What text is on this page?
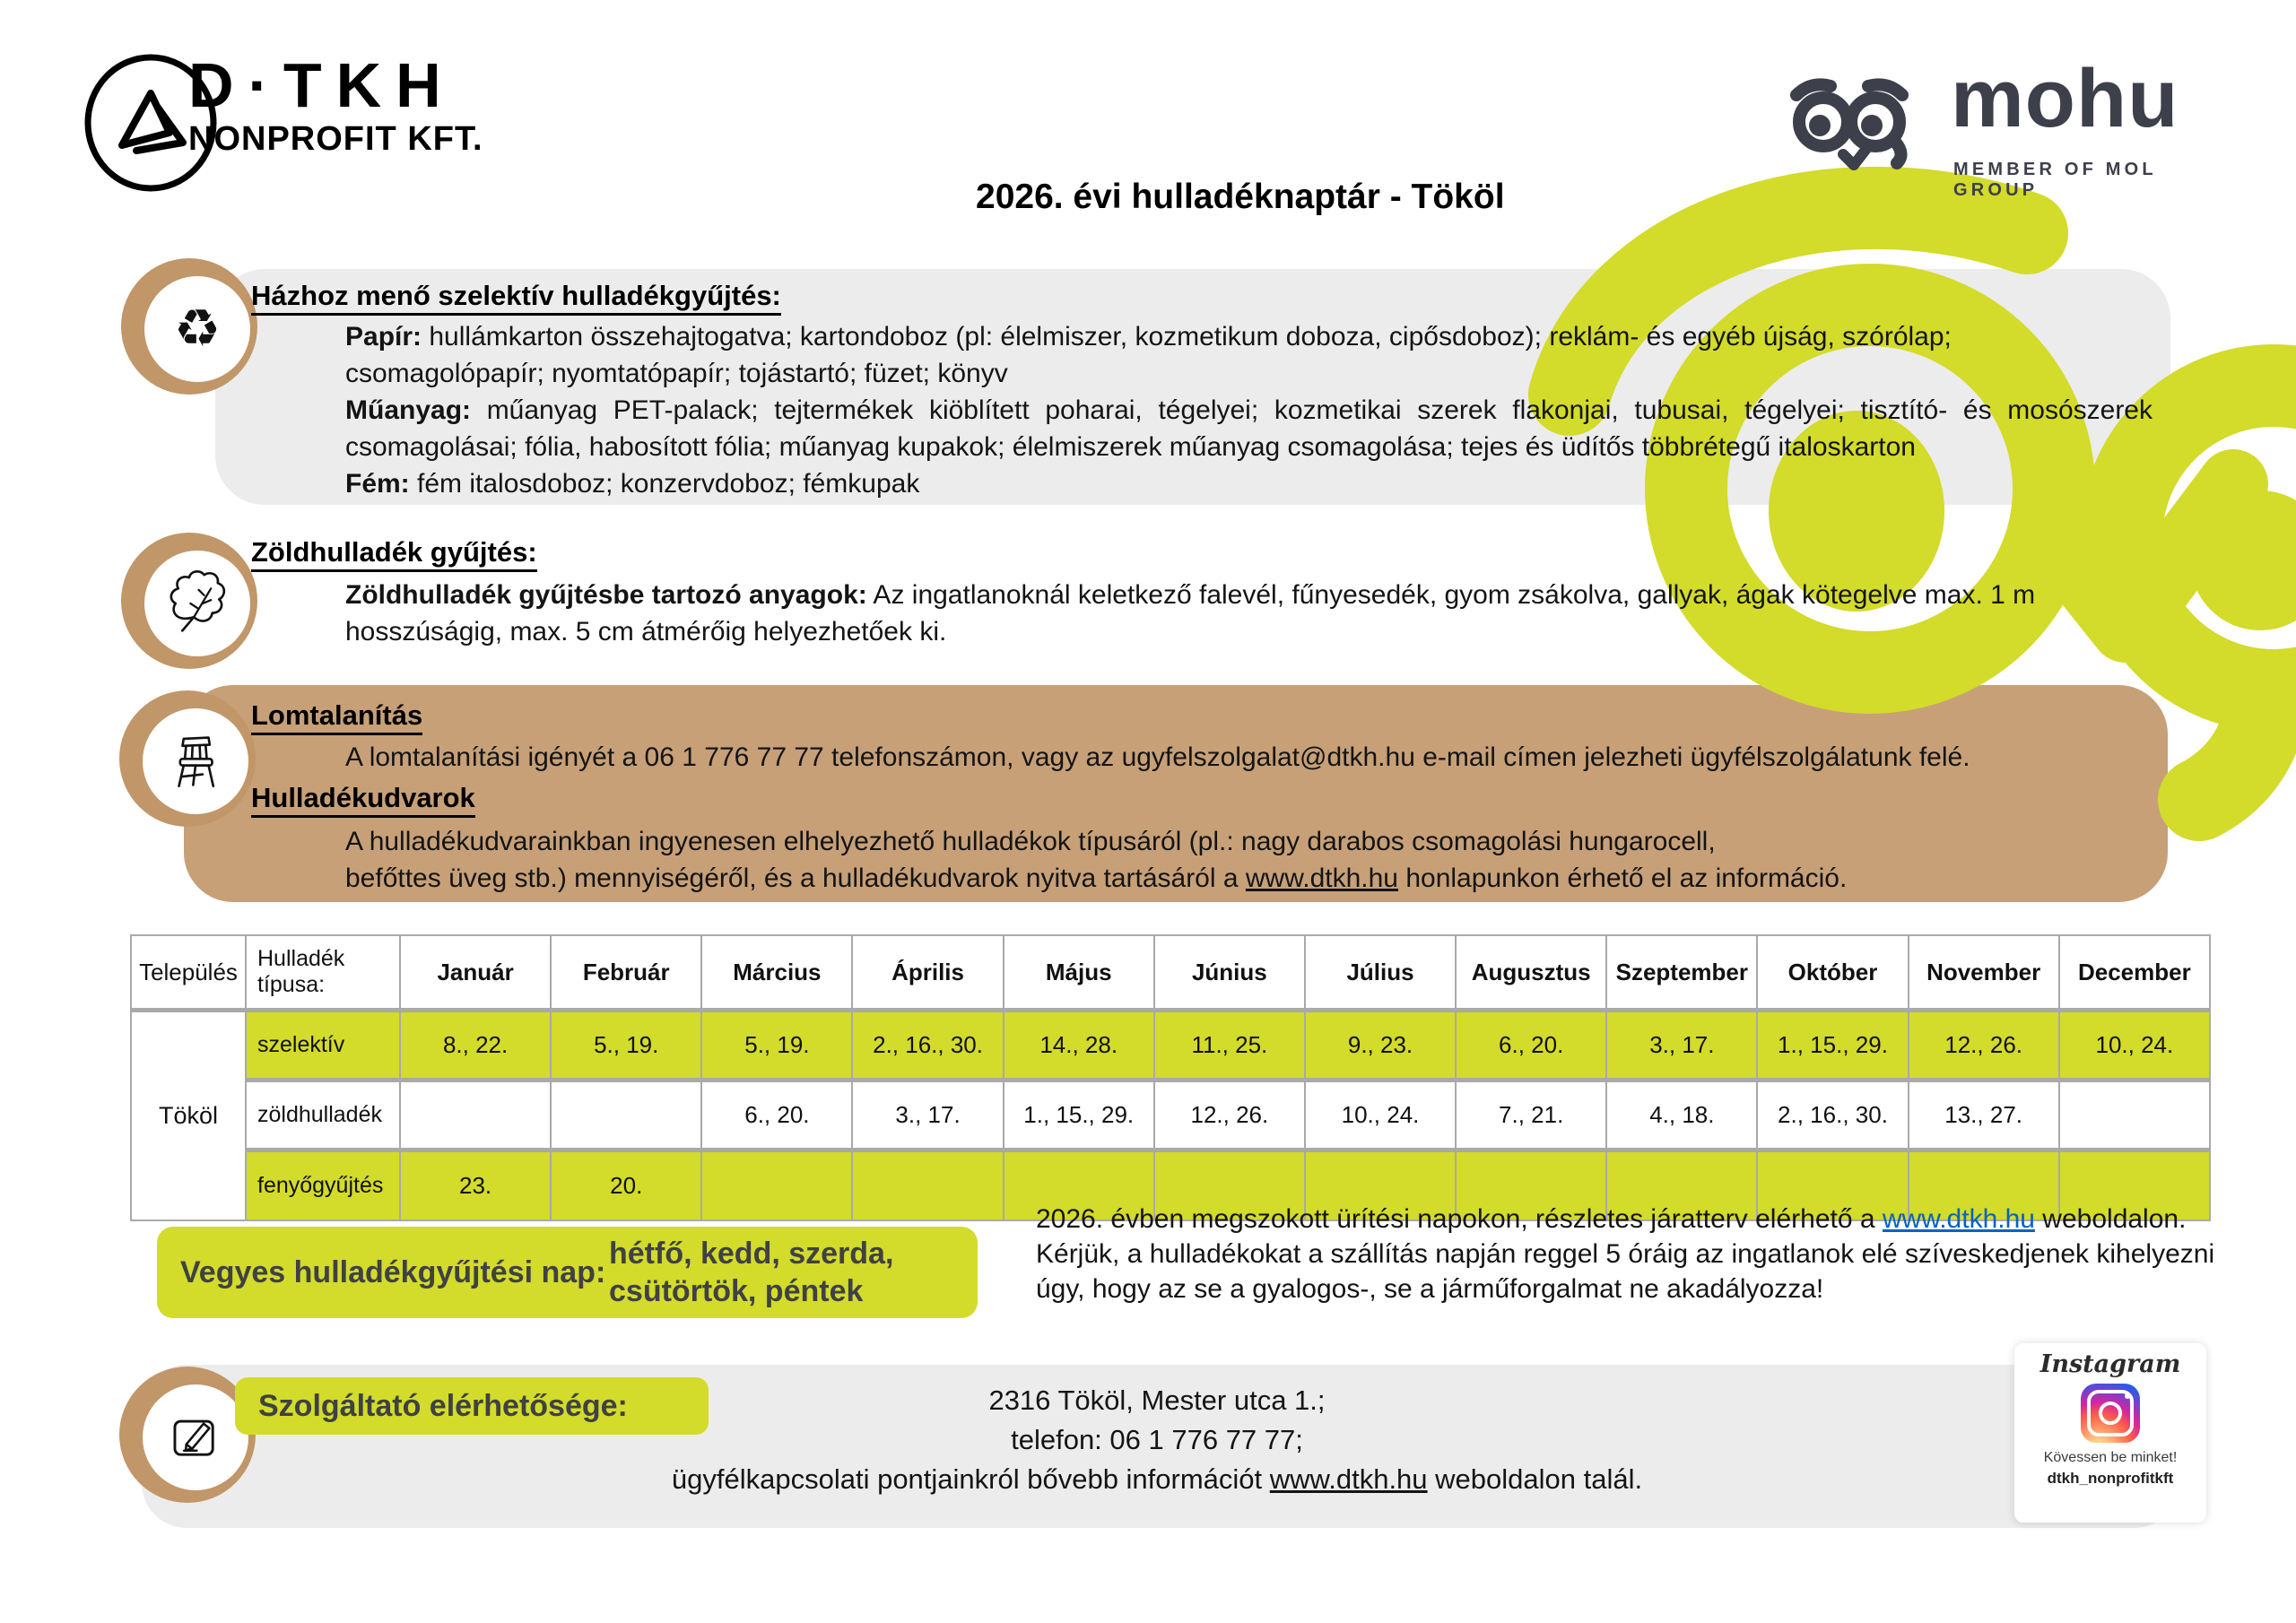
D·TKH
NONPROFIT KFT.
2026. évi hulladéknaptár - Tököl
mohu
MEMBER OF MOL GROUP
♻
Házhoz menő szelektív hulladékgyűjtés:

Papír: hullámkarton összehajtogatva; kartondoboz (pl: élelmiszer, kozmetikum doboza, cipősdoboz); reklám- és egyéb újság, szórólap; csomagolópapír; nyomtatópapír; tojástartó; füzet; könyv

Műanyag: műanyag PET-palack; tejtermékek kiöblített poharai, tégelyei; kozmetikai szerek flakonjai, tubusai, tégelyei; tisztító- és mosószerek csomagolásai; fólia, habosított fólia; műanyag kupakok; élelmiszerek műanyag csomagolása; tejes és üdítős többrétegű italoskarton

Fém: fém italosdoboz; konzervdoboz; fémkupak

Zöldhulladék gyűjtés:

Zöldhulladék gyűjtésbe tartozó anyagok: Az ingatlanoknál keletkező falevél, fűnyesedék, gyom zsákolva, gallyak, ágak kötegelve max. 1 m hosszúságig, max. 5 cm átmérőig helyezhetőek ki.

Lomtalanítás

A lomtalanítási igényét a 06 1 776 77 77 telefonszámon, vagy az ugyfelszolgalat@dtkh.hu e-mail címen jelezheti ügyfélszolgálatunk felé.

Hulladékudvarok

A hulladékudvarainkban ingyenesen elhelyezhető hulladékok típusáról (pl.: nagy darabos csomagolási hungarocell,

befőttes üveg stb.) mennyiségéről, és a hulladékudvarok nyitva tartásáról a www.dtkh.hu honlapunkon érhető el az információ.

Település	Hulladék típusa:	Január	Február	Március	Április	Május	Június	Július	Augusztus	Szeptember	Október	November	December
Tököl	szelektív	8., 22.	5., 19.	5., 19.	2., 16., 30.	14., 28.	11., 25.	9., 23.	6., 20.	3., 17.	1., 15., 29.	12., 26.	10., 24.
	zöldhulladék			6., 20.	3., 17.	1., 15., 29.	12., 26.	10., 24.	7., 21.	4., 18.	2., 16., 30.	13., 27.	
	fenyőgyűjtés	23.	20.										
Vegyes hulladékgyűjtési nap:
hétfő, kedd, szerda,
csütörtök, péntek

2026. évben megszokott ürítési napokon, részletes járatterv elérhető a www.dtkh.hu weboldalon.

Kérjük, a hulladékokat a szállítás napján reggel 5 óráig az ingatlanok elé szíveskedjenek kihelyezni úgy, hogy az se a gyalogos-, se a járműforgalmat ne akadályozza!

Szolgáltató elérhetősége:	2316 Tököl, Mester utca 1.;
telefon: 06 1 776 77 77;
ügyfélkapcsolati pontjainkról bővebb információt www.dtkh.hu weboldalon talál.
Instagram
Kövessen be minket!
dtkh_nonprofitkft
